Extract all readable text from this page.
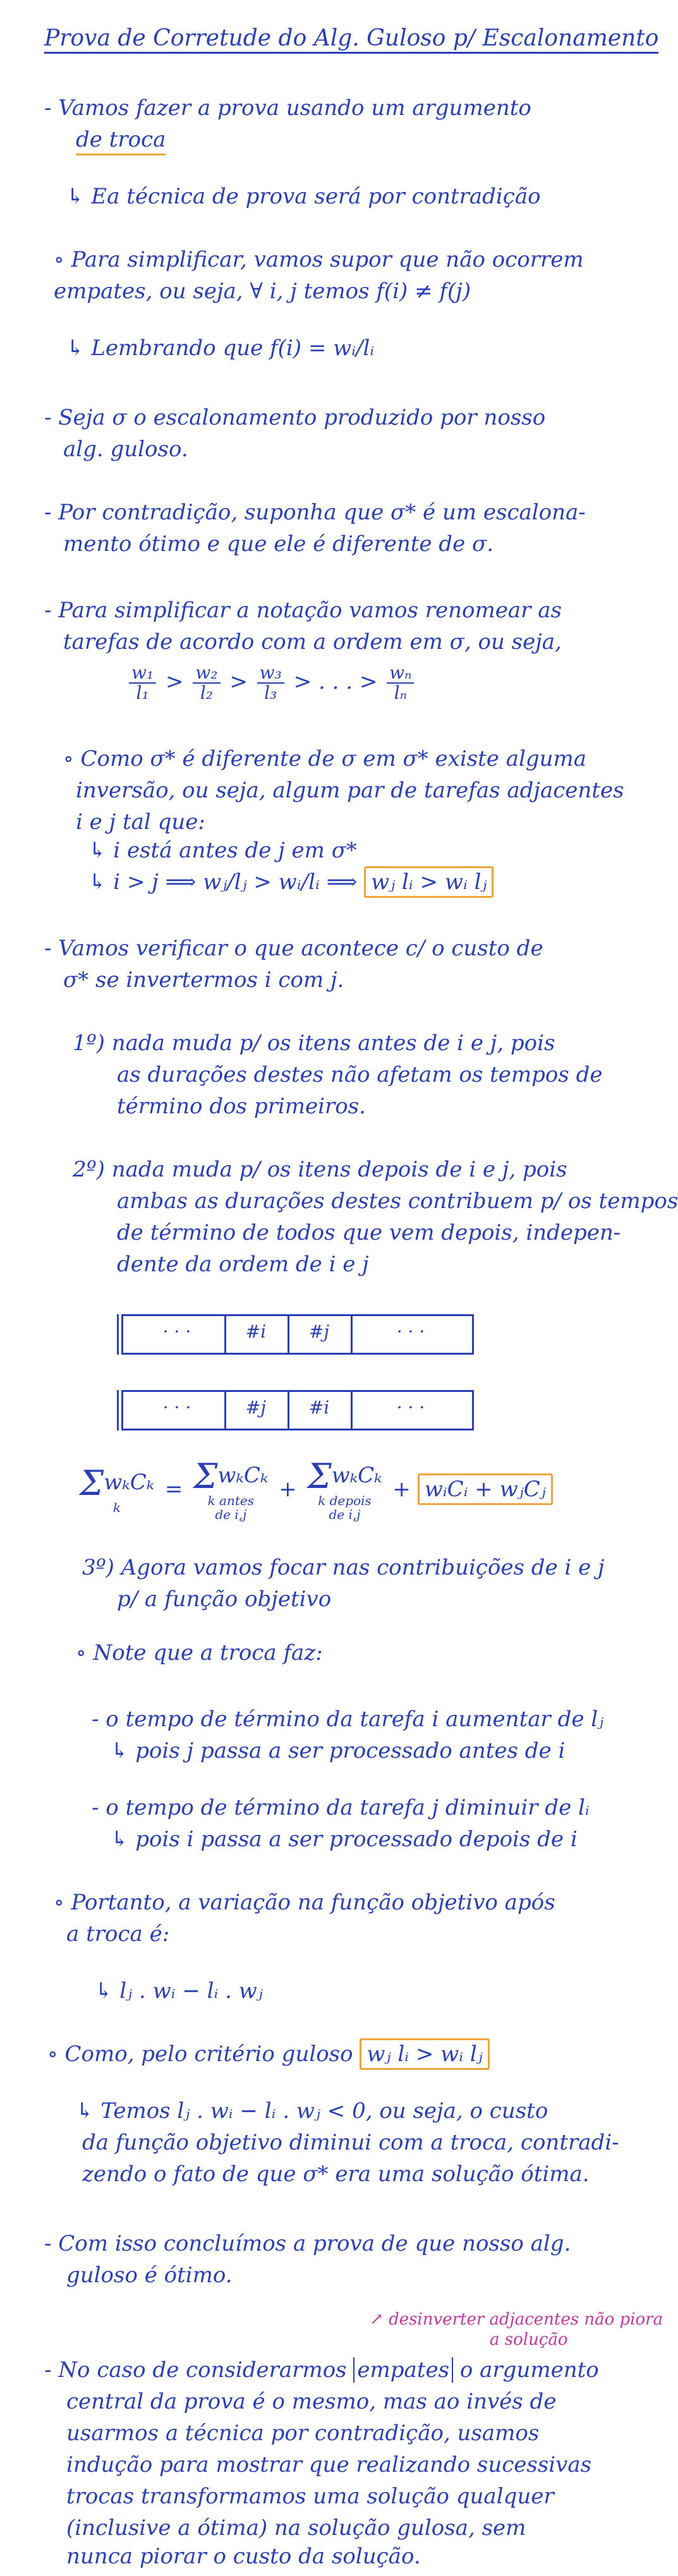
Prova de Corretude do Alg. Guloso p/ Escalonamento
- Vamos fazer a prova usando um argumento
de troca
↳ Ea técnica de prova será por contradição
∘ Para simplificar, vamos supor que não ocorrem
empates, ou seja, ∀ i, j temos f(i) ≠ f(j)
↳ Lembrando que f(i) = wᵢ/lᵢ
- Seja σ o escalonamento produzido por nosso
alg. guloso.
- Por contradição, suponha que σ* é um escalona-
mento ótimo e que ele é diferente de σ.
- Para simplificar a notação vamos renomear as
tarefas de acordo com a ordem em σ, ou seja,
$\frac{\text{w₁}}{\text{l₁}} > \frac{\text{w₂}}{\text{l₂}} > \frac{\text{w₃}}{\text{l₃}}$ > . . . > $\frac{\text{wₙ}}{\text{lₙ}}$
∘ Como σ* é diferente de σ em σ* existe alguma
inversão, ou seja, algum par de tarefas adjacentes
i e j tal que:
↳ i está antes de j em σ*
↳ i > j ⟹ wⱼ/lⱼ > wᵢ/lᵢ ⟹ wⱼ lᵢ > wᵢ lⱼ
- Vamos verificar o que acontece c/ o custo de
σ* se invertermos i com j.
1º) nada muda p/ os itens antes de i e j, pois
as durações destes não afetam os tempos de
término dos primeiros.
2º) nada muda p/ os itens depois de i e j, pois
ambas as durações destes contribuem p/ os tempos
de término de todos que vem depois, indepen-
dente da ordem de i e j
· · ·	#i	#j	· · ·
· · ·	#j	#i	· · ·
ΣwₖCₖ
k
= ΣwₖCₖ
k antes
de i,j
+ ΣwₖCₖ
k depois
de i,j
+ wᵢCᵢ + wⱼCⱼ
3º) Agora vamos focar nas contribuições de i e j
p/ a função objetivo
∘ Note que a troca faz:
- o tempo de término da tarefa i aumentar de lⱼ
↳ pois j passa a ser processado antes de i
- o tempo de término da tarefa j diminuir de lᵢ
↳ pois i passa a ser processado depois de i
∘ Portanto, a variação na função objetivo após
a troca é:
↳ lⱼ . wᵢ − lᵢ . wⱼ
∘ Como, pelo critério guloso wⱼ lᵢ > wᵢ lⱼ
↳ Temos lⱼ . wᵢ − lᵢ . wⱼ < 0, ou seja, o custo
da função objetivo diminui com a troca, contradi-
zendo o fato de que σ* era uma solução ótima.
- Com isso concluímos a prova de que nosso alg.
guloso é ótimo.
↗ desinverter adjacentes não piora
a solução
- No caso de considerarmos empates o argumento
central da prova é o mesmo, mas ao invés de
usarmos a técnica por contradição, usamos
indução para mostrar que realizando sucessivas
trocas transformamos uma solução qualquer
(inclusive a ótima) na solução gulosa, sem
nunca piorar o custo da solução.
